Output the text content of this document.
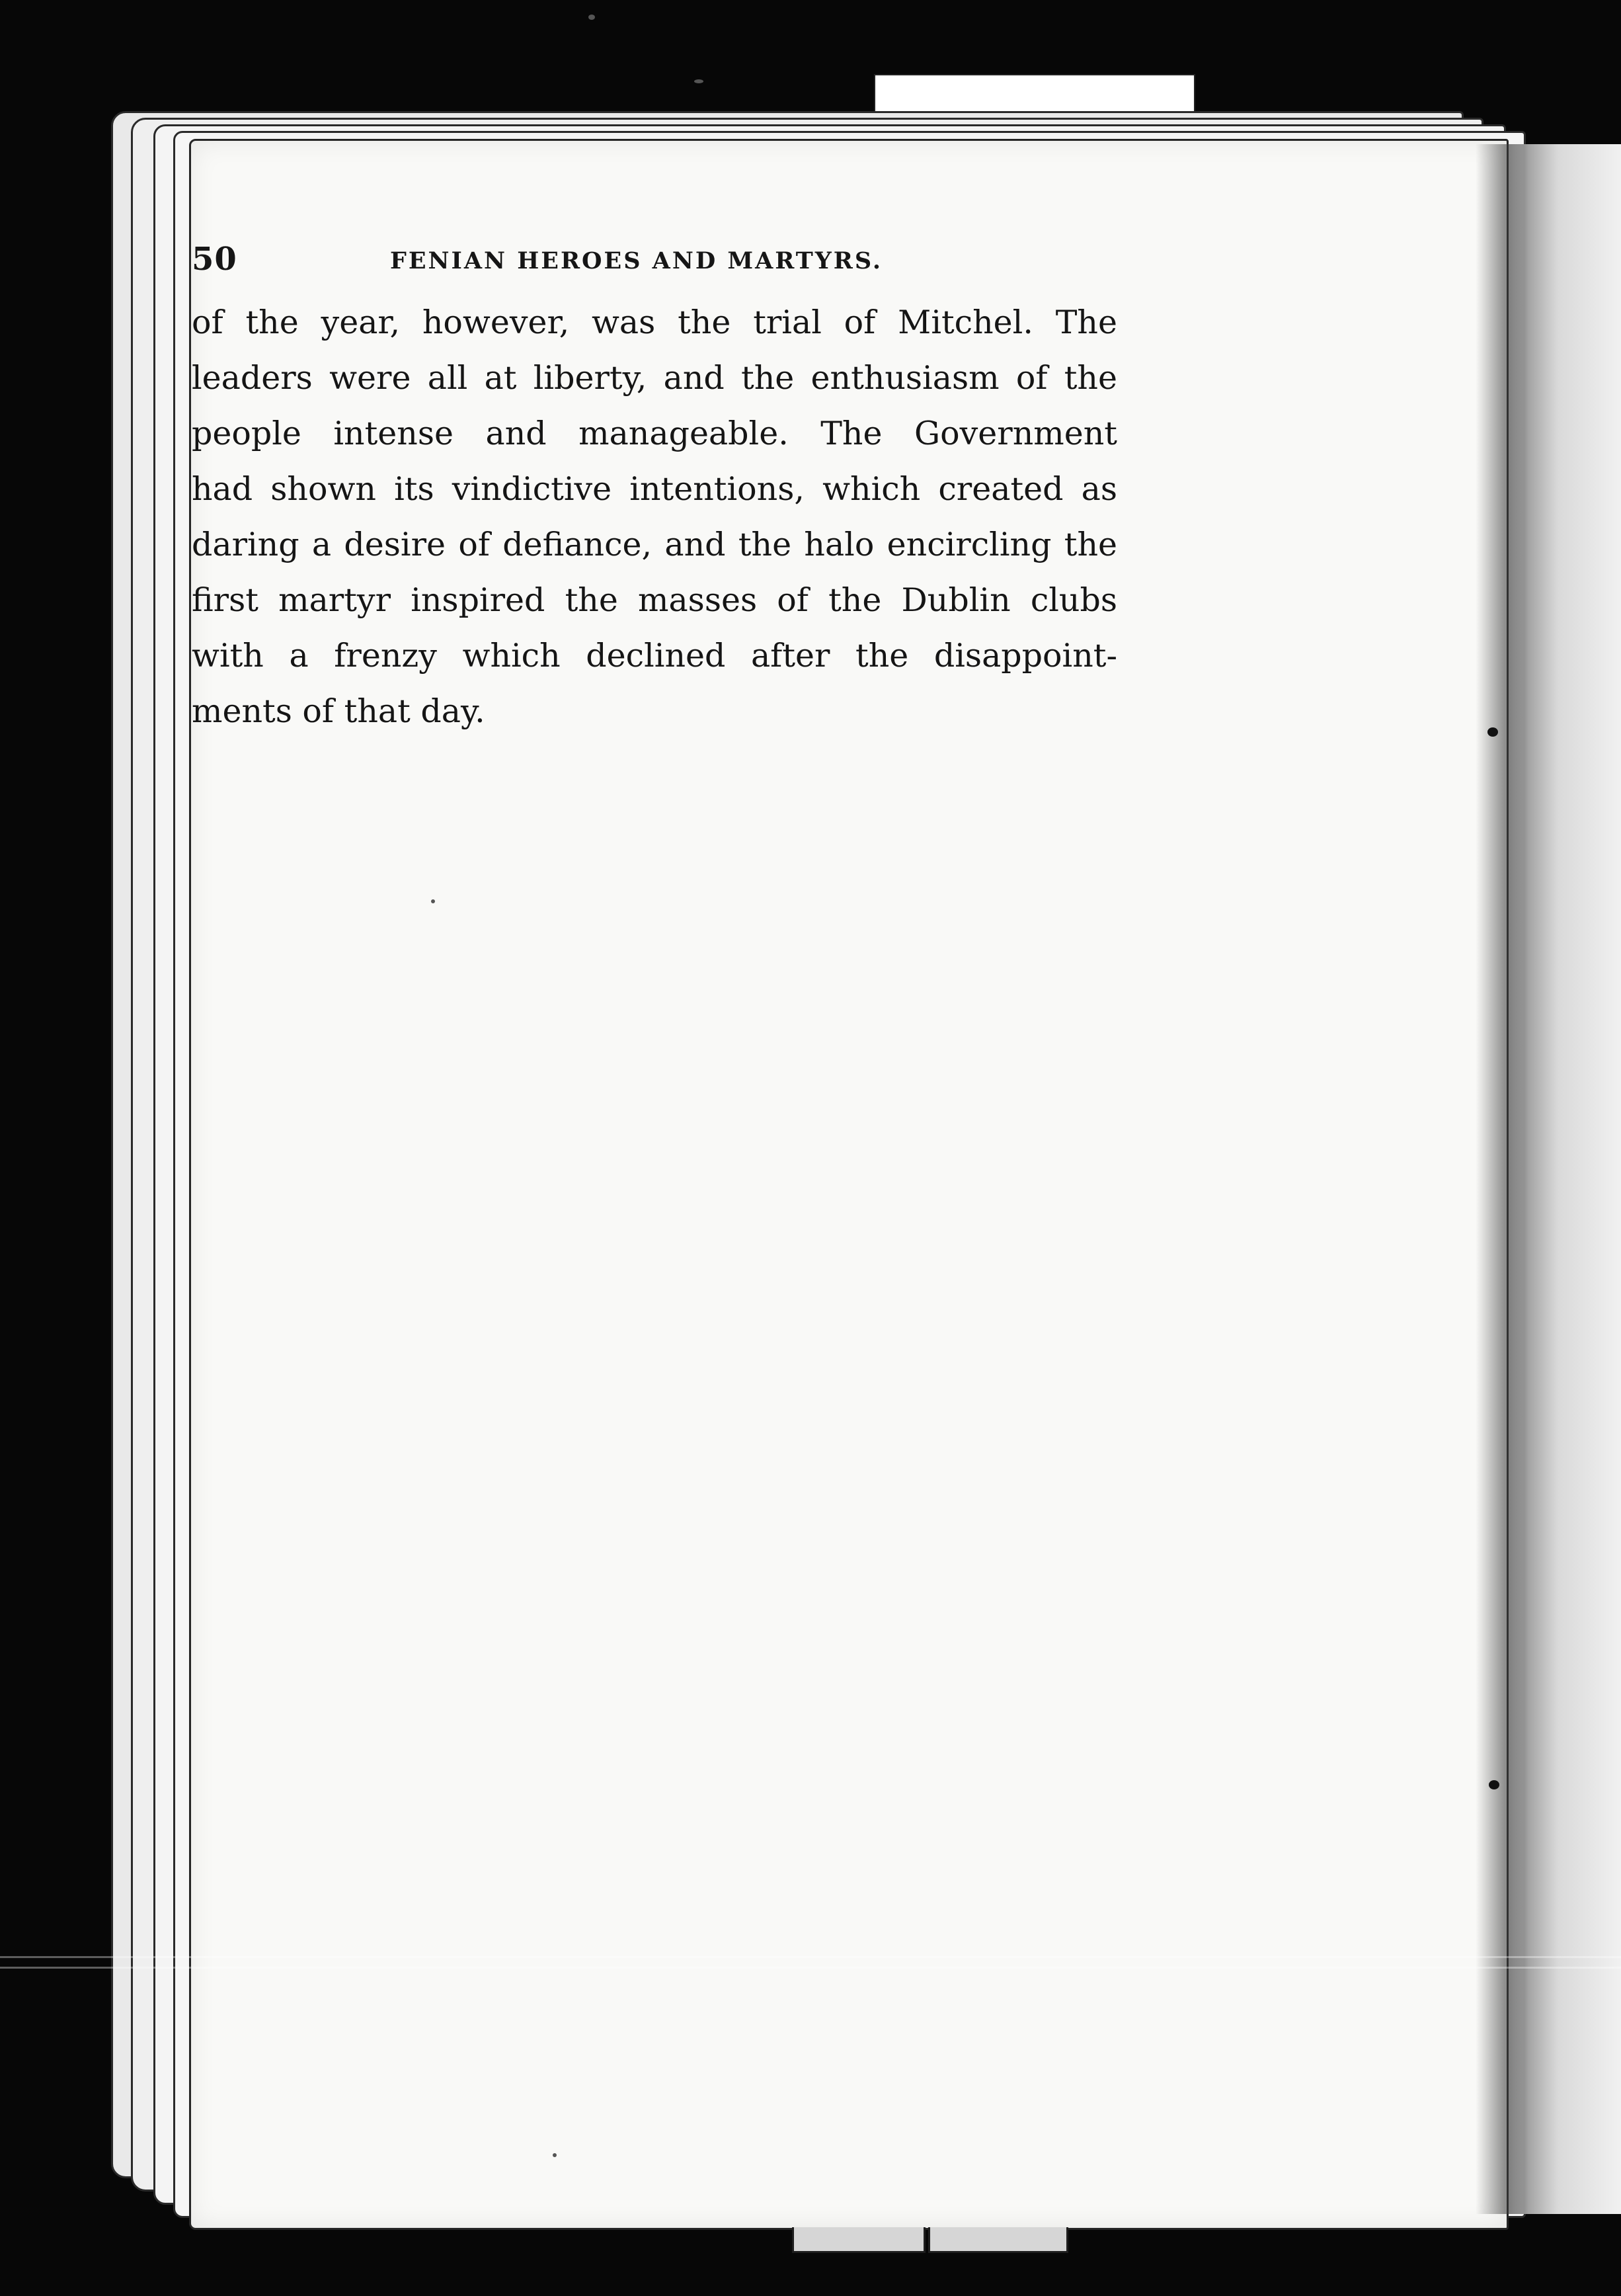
50	FENIAN HEROES AND MARTYRS.
of the year, however, was the trial of Mitchel. The
leaders were all at liberty, and the enthusiasm of the
people intense and manageable. The Government
had shown its vindictive intentions, which created as
daring a desire of defiance, and the halo encircling the
first martyr inspired the masses of the Dublin clubs
with a frenzy which declined after the disappoint-
ments of that day.
